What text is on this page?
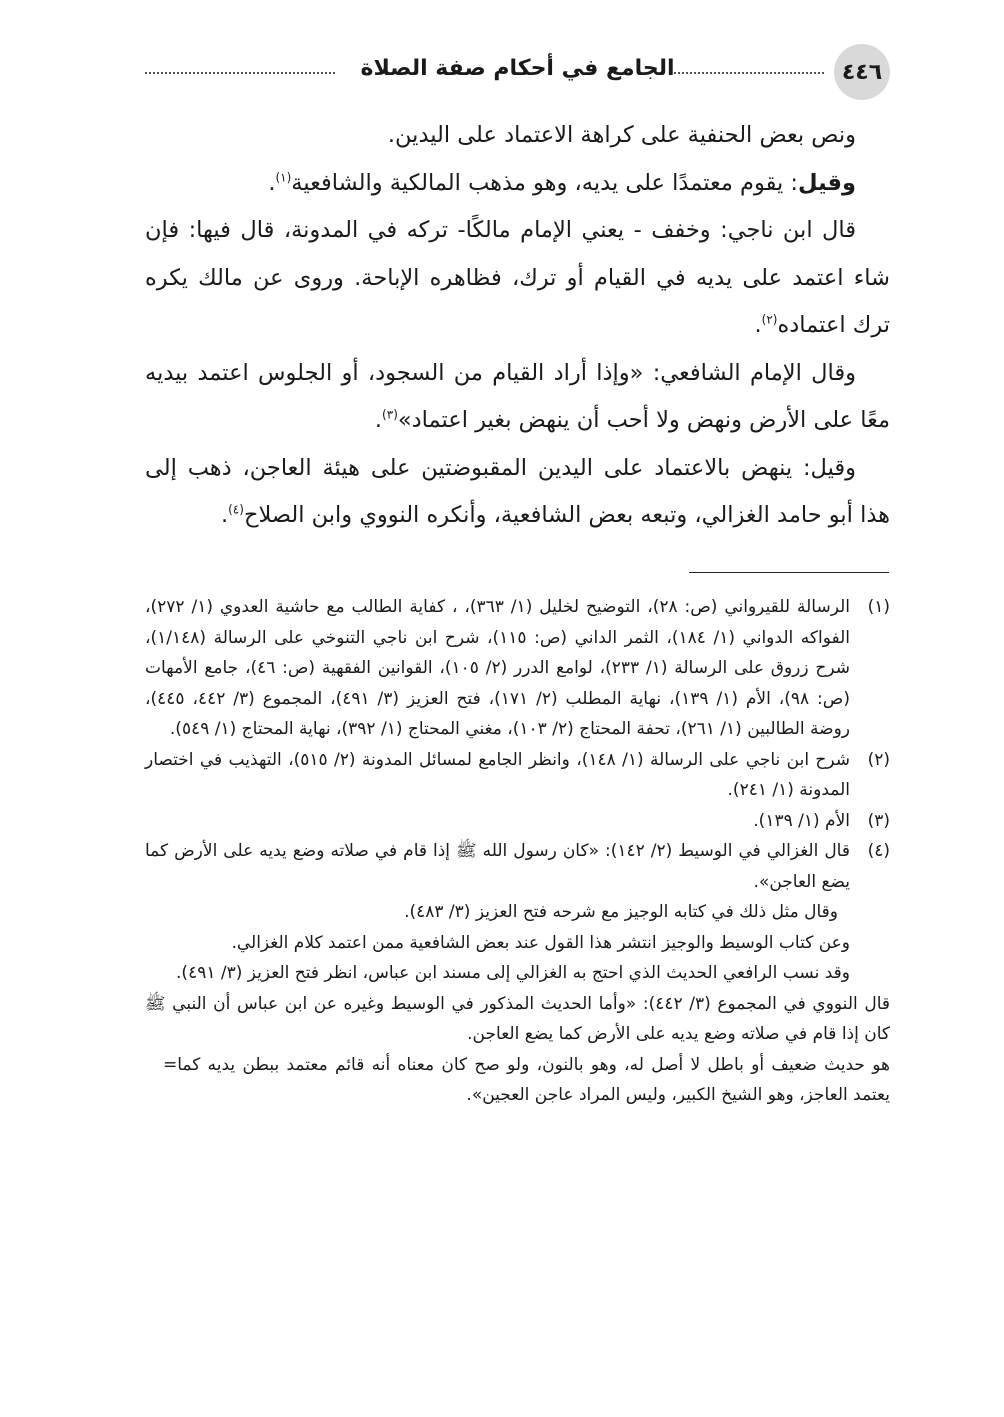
٤٤٦
الجامع في أحكام صفة الصلاة

ونص بعض الحنفية على كراهة الاعتماد على اليدين.

وقيل: يقوم معتمدًا على يديه، وهو مذهب المالكية والشافعية$^{(١)}$.

قال ابن ناجي: وخفف - يعني الإمام مالكًا- تركه في المدونة، قال فيها: فإن شاء اعتمد على يديه في القيام أو ترك، فظاهره الإباحة. وروى عن مالك يكره ترك اعتماده$^{(٢)}$.

وقال الإمام الشافعي: «وإذا أراد القيام من السجود، أو الجلوس اعتمد بيديه معًا على الأرض ونهض ولا أحب أن ينهض بغير اعتماد»$^{(٣)}$.

وقيل: ينهض بالاعتماد على اليدين المقبوضتين على هيئة العاجن، ذهب إلى هذا أبو حامد الغزالي، وتبعه بعض الشافعية، وأنكره النووي وابن الصلاح$^{(٤)}$.

(١)
الرسالة للقيرواني (ص: ٢٨)، التوضيح لخليل (١/ ٣٦٣)، ، كفاية الطالب مع حاشية العدوي (١/ ٢٧٢)، الفواكه الدواني (١/ ١٨٤)، الثمر الداني (ص: ١١٥)، شرح ابن ناجي التنوخي على الرسالة (١/١٤٨)، شرح زروق على الرسالة (١/ ٢٣٣)، لوامع الدرر (٢/ ١٠٥)، القوانين الفقهية (ص: ٤٦)، جامع الأمهات (ص: ٩٨)، الأم (١/ ١٣٩)، نهاية المطلب (٢/ ١٧١)، فتح العزيز (٣/ ٤٩١)، المجموع (٣/ ٤٤٢، ٤٤٥)، روضة الطالبين (١/ ٢٦١)، تحفة المحتاج (٢/ ١٠٣)، مغني المحتاج (١/ ٣٩٢)، نهاية المحتاج (١/ ٥٤٩).
(٢)
شرح ابن ناجي على الرسالة (١/ ١٤٨)، وانظر الجامع لمسائل المدونة (٢/ ٥١٥)، التهذيب في اختصار المدونة (١/ ٢٤١).
(٣)
الأم (١/ ١٣٩).
(٤)
قال الغزالي في الوسيط (٢/ ١٤٢): «كان رسول الله ﷺ إذا قام في صلاته وضع يديه على الأرض كما يضع العاجن».

وقال مثل ذلك في كتابه الوجيز مع شرحه فتح العزيز (٣/ ٤٨٣).

وعن كتاب الوسيط والوجيز انتشر هذا القول عند بعض الشافعية ممن اعتمد كلام الغزالي.

وقد نسب الرافعي الحديث الذي احتج به الغزالي إلى مسند ابن عباس، انظر فتح العزيز (٣/ ٤٩١).

قال النووي في المجموع (٣/ ٤٤٢): «وأما الحديث المذكور في الوسيط وغيره عن ابن عباس أن النبي ﷺ كان إذا قام في صلاته وضع يديه على الأرض كما يضع العاجن.

= هو حديث ضعيف أو باطل لا أصل له، وهو بالنون، ولو صح كان معناه أنه قائم معتمد ببطن يديه كما يعتمد العاجز، وهو الشيخ الكبير، وليس المراد عاجن العجين».
